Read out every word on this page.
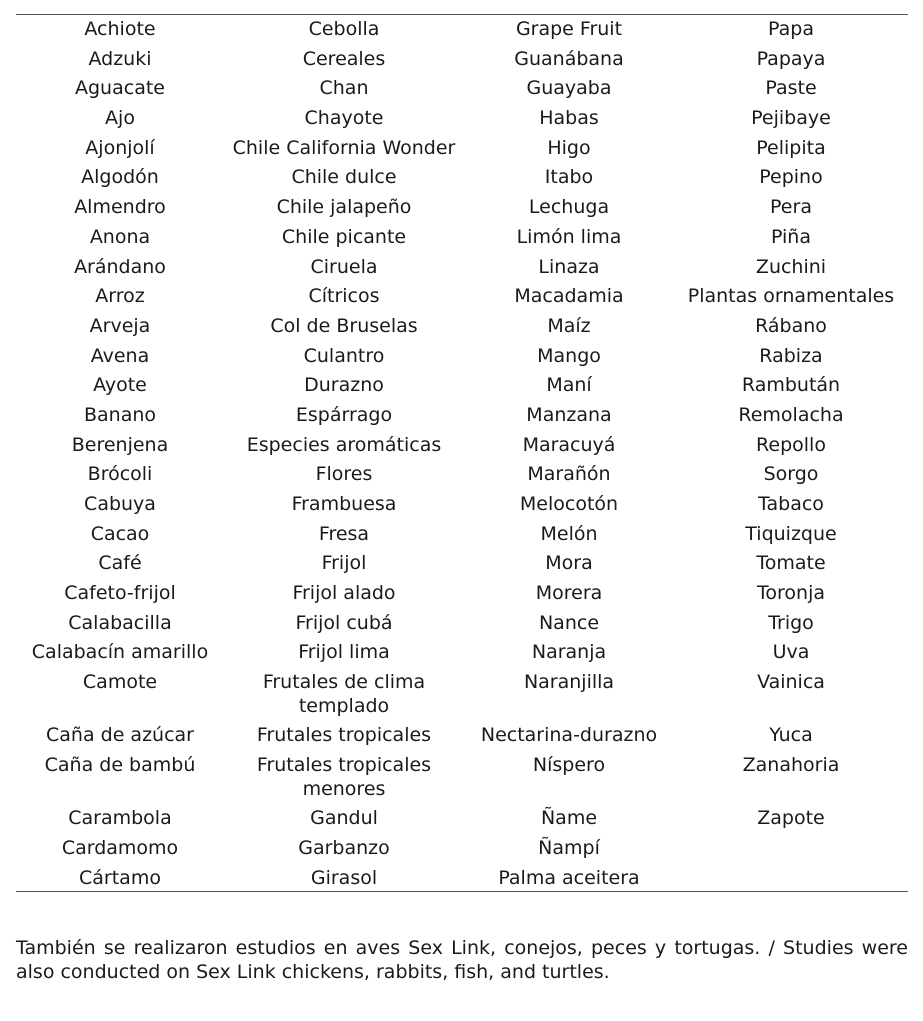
Achiote	Cebolla	Grape Fruit	Papa
Adzuki	Cereales	Guanábana	Papaya
Aguacate	Chan	Guayaba	Paste
Ajo	Chayote	Habas	Pejibaye
Ajonjolí	Chile California Wonder	Higo	Pelipita
Algodón	Chile dulce	Itabo	Pepino
Almendro	Chile jalapeño	Lechuga	Pera
Anona	Chile picante	Limón lima	Piña
Arándano	Ciruela	Linaza	Zuchini
Arroz	Cítricos	Macadamia	Plantas ornamentales
Arveja	Col de Bruselas	Maíz	Rábano
Avena	Culantro	Mango	Rabiza
Ayote	Durazno	Maní	Rambután
Banano	Espárrago	Manzana	Remolacha
Berenjena	Especies aromáticas	Maracuyá	Repollo
Brócoli	Flores	Marañón	Sorgo
Cabuya	Frambuesa	Melocotón	Tabaco
Cacao	Fresa	Melón	Tiquizque
Café	Frijol	Mora	Tomate
Cafeto-frijol	Frijol alado	Morera	Toronja
Calabacilla	Frijol cubá	Nance	Trigo
Calabacín amarillo	Frijol lima	Naranja	Uva
Camote	Frutales de clima templado	Naranjilla	Vainica
Caña de azúcar	Frutales tropicales	Nectarina-durazno	Yuca
Caña de bambú	Frutales tropicales menores	Níspero	Zanahoria
Carambola	Gandul	Ñame	Zapote
Cardamomo	Garbanzo	Ñampí	
Cártamo	Girasol	Palma aceitera	

También se realizaron estudios en aves Sex Link, conejos, peces y tortugas. / Studies were also conducted on Sex Link chickens, rabbits, fish, and turtles.
